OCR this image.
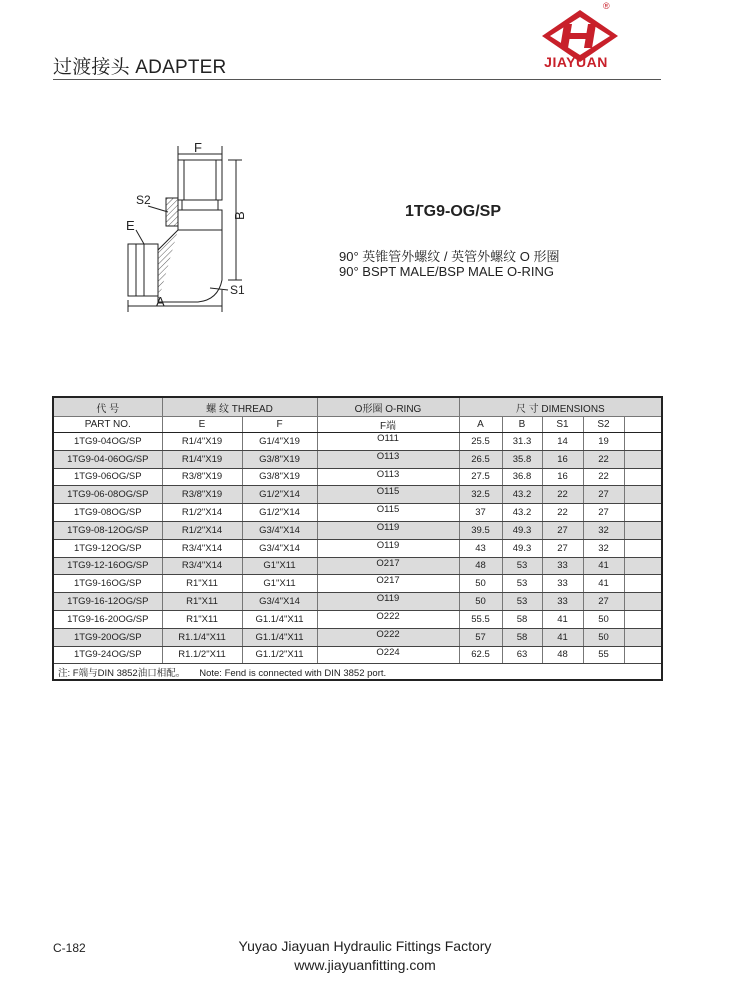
过渡接头 ADAPTER
®
JIAYUAN
F
S2
E
B
A
S1
1TG9-OG/SP
90° 英锥管外螺纹 / 英管外螺纹 O 形圈
90° BSPT MALE/BSP MALE O-RING
代 号	螺 纹 THREAD		O形圈 O-RING	尺 寸 DIMENSIONS				
PART NO.	E	F	F端	A	B	S1	S2	
1TG9-04OG/SP	R1/4"X19	G1/4"X19	O111	25.5	31.3	14	19	
1TG9-04-06OG/SP	R1/4"X19	G3/8"X19	O113	26.5	35.8	16	22	
1TG9-06OG/SP	R3/8"X19	G3/8"X19	O113	27.5	36.8	16	22	
1TG9-06-08OG/SP	R3/8"X19	G1/2"X14	O115	32.5	43.2	22	27	
1TG9-08OG/SP	R1/2"X14	G1/2"X14	O115	37	43.2	22	27	
1TG9-08-12OG/SP	R1/2"X14	G3/4"X14	O119	39.5	49.3	27	32	
1TG9-12OG/SP	R3/4"X14	G3/4"X14	O119	43	49.3	27	32	
1TG9-12-16OG/SP	R3/4"X14	G1"X11	O217	48	53	33	41	
1TG9-16OG/SP	R1"X11	G1"X11	O217	50	53	33	41	
1TG9-16-12OG/SP	R1"X11	G3/4"X14	O119	50	53	33	27	
1TG9-16-20OG/SP	R1"X11	G1.1/4"X11	O222	55.5	58	41	50	
1TG9-20OG/SP	R1.1/4"X11	G1.1/4"X11	O222	57	58	41	50	
1TG9-24OG/SP	R1.1/2"X11	G1.1/2"X11	O224	62.5	63	48	55	
注: F端与DIN 3852油口相配。 Note: Fend is connected with DIN 3852 port.								
C-182	Yuyao Jiayuan Hydraulic Fittings Factory
www.jiayuanfitting.com
